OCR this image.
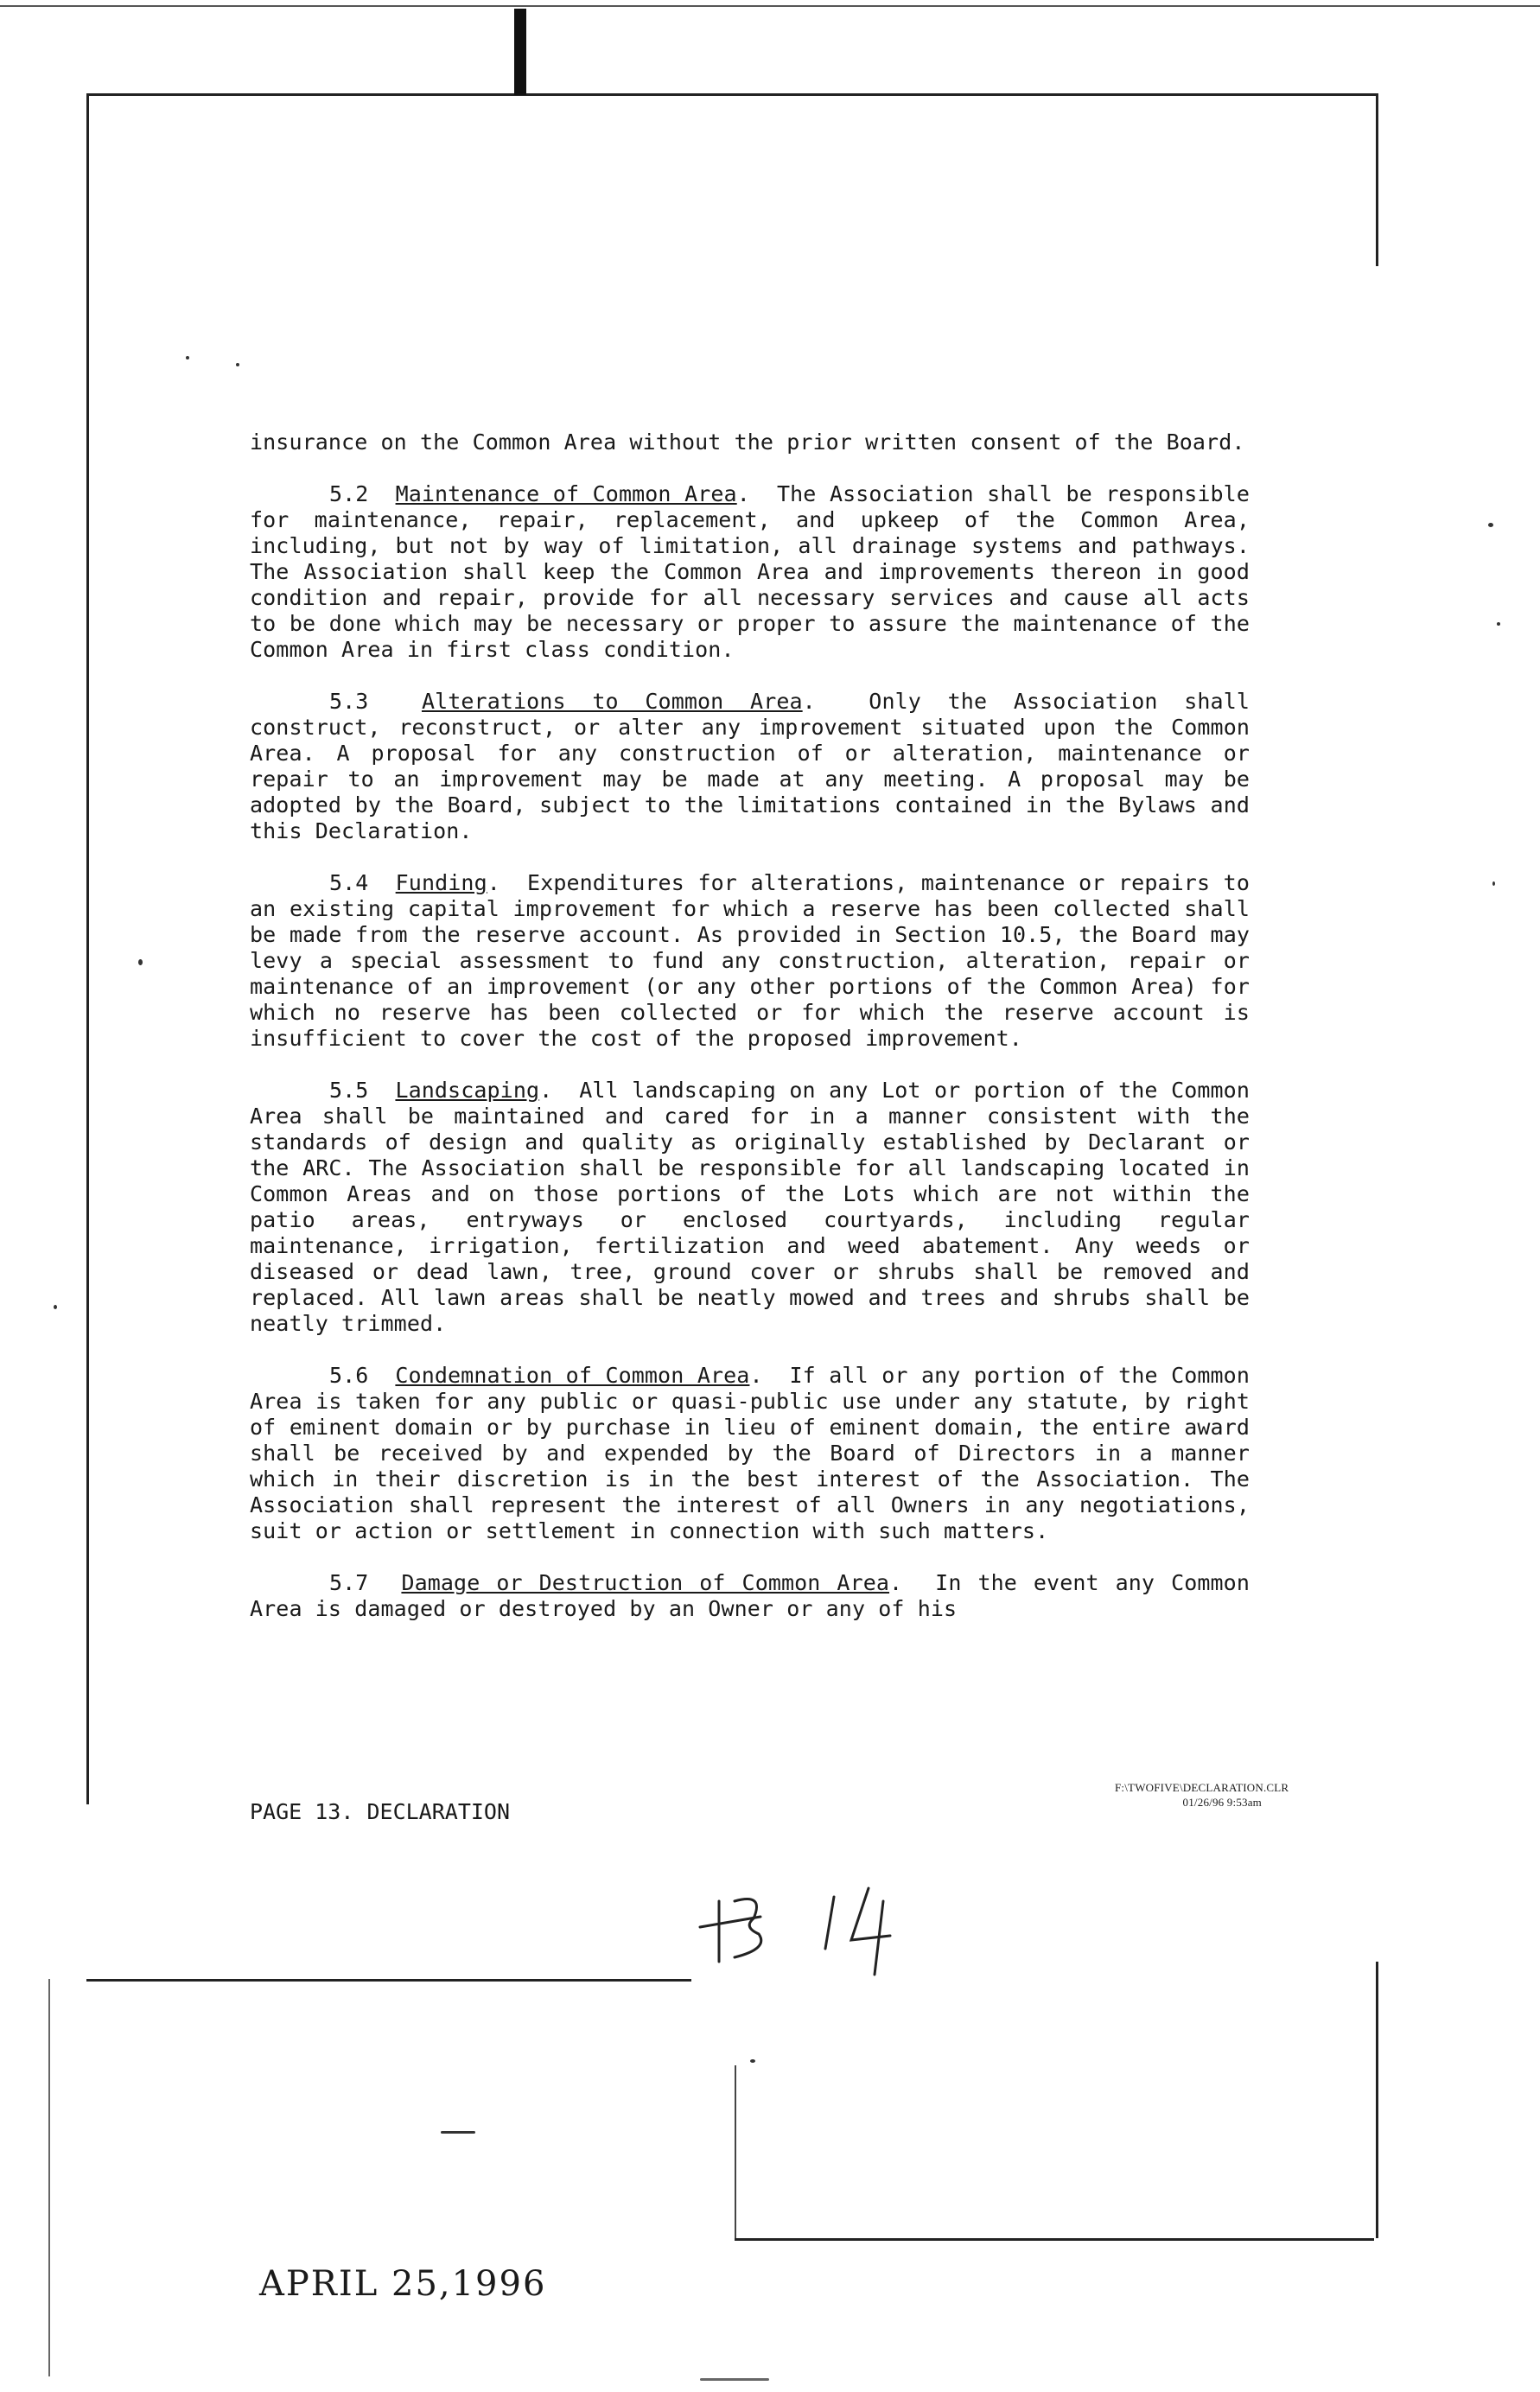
insurance on the Common Area without the prior written consent of the Board.

5.2 Maintenance of Common Area.  The Association shall be responsible for maintenance, repair, replacement, and upkeep of the Common Area, including, but not by way of limitation, all drainage systems and pathways. The Association shall keep the Common Area and improvements thereon in good condition and repair, provide for all necessary services and cause all acts to be done which may be necessary or proper to assure the maintenance of the Common Area in first class condition.

5.3 Alterations to Common Area.  Only the Association shall construct, reconstruct, or alter any improvement situated upon the Common Area. A proposal for any construction of or alteration, maintenance or repair to an improvement may be made at any meeting. A proposal may be adopted by the Board, subject to the limitations contained in the Bylaws and this Declaration.

5.4 Funding.  Expenditures for alterations, maintenance or repairs to an existing capital improvement for which a reserve has been collected shall be made from the reserve account. As provided in Section 10.5, the Board may levy a special assessment to fund any construction, alteration, repair or maintenance of an improvement (or any other portions of the Common Area) for which no reserve has been collected or for which the reserve account is insufficient to cover the cost of the proposed improvement.

5.5 Landscaping.  All landscaping on any Lot or portion of the Common Area shall be maintained and cared for in a manner consistent with the standards of design and quality as originally established by Declarant or the ARC. The Association shall be responsible for all landscaping located in Common Areas and on those portions of the Lots which are not within the patio areas, entryways or enclosed courtyards, including regular maintenance, irrigation, fertilization and weed abatement. Any weeds or diseased or dead lawn, tree, ground cover or shrubs shall be removed and replaced. All lawn areas shall be neatly mowed and trees and shrubs shall be neatly trimmed.

5.6 Condemnation of Common Area.  If all or any portion of the Common Area is taken for any public or quasi-public use under any statute, by right of eminent domain or by purchase in lieu of eminent domain, the entire award shall be received by and expended by the Board of Directors in a manner which in their discretion is in the best interest of the Association. The Association shall represent the interest of all Owners in any negotiations, suit or action or settlement in connection with such matters.

5.7 Damage or Destruction of Common Area.  In the event any Common Area is damaged or destroyed by an Owner or any of his

PAGE 13. DECLARATION
F:\TWOFIVE\DECLARATION.CLR
01/26/96 9:53am
APRIL 25,1996
